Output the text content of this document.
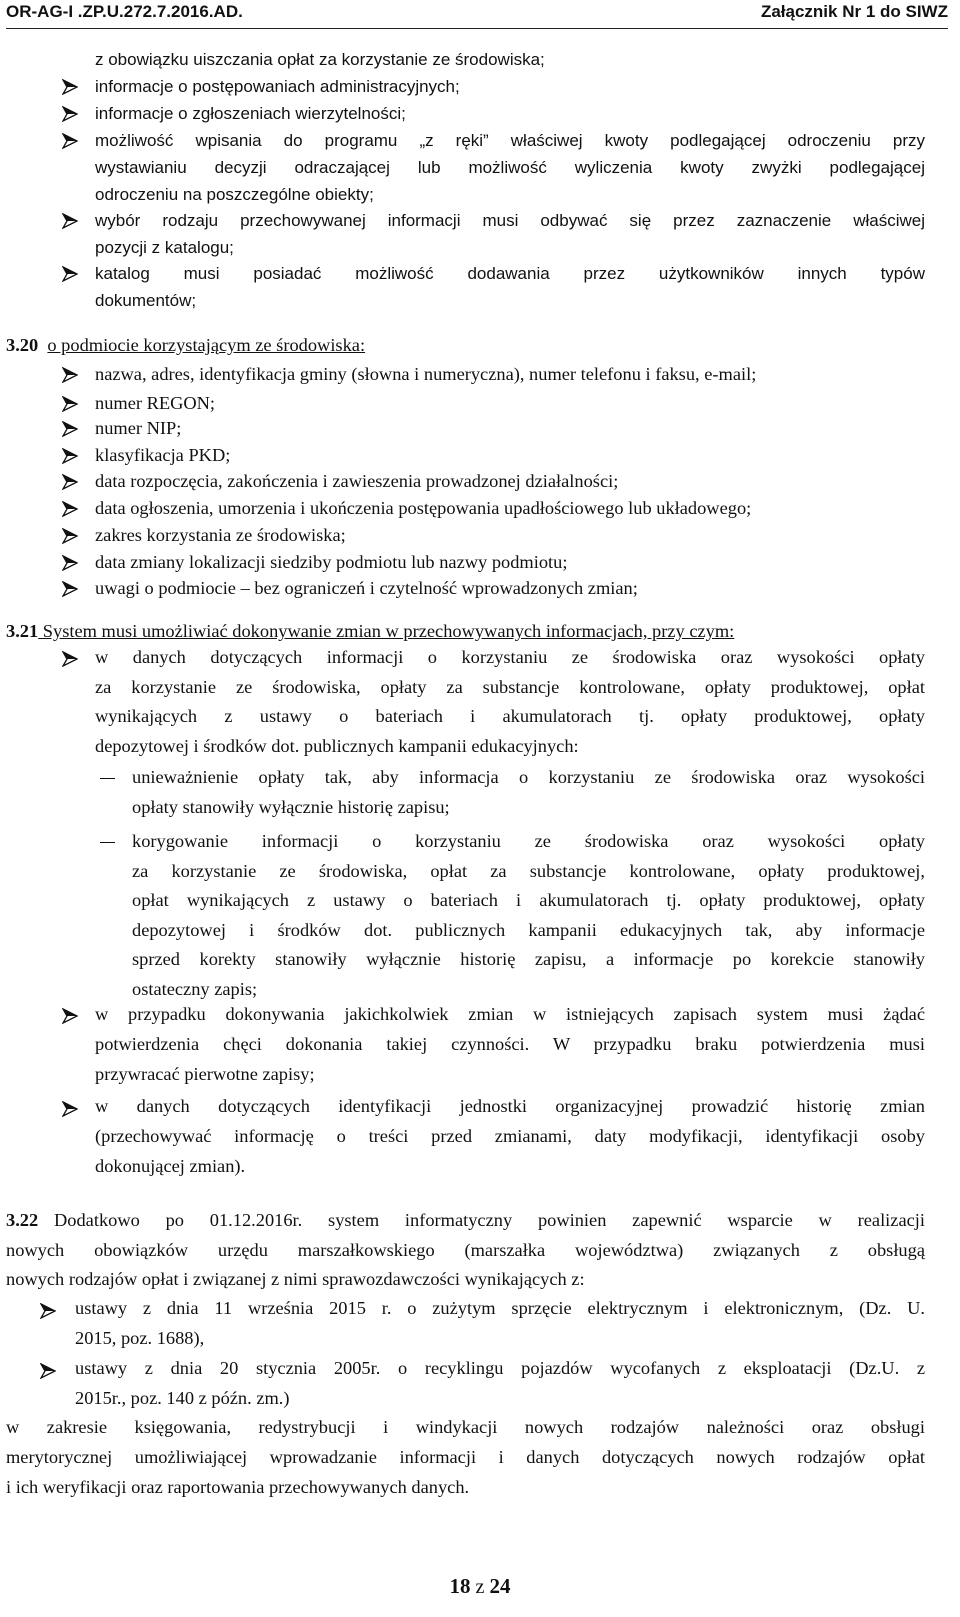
OR-AG-I .ZP.U.272.7.2016.AD.	Załącznik Nr 1 do SIWZ
z obowiązku uiszczania opłat za korzystanie ze środowiska;
informacje o postępowaniach administracyjnych;
informacje o zgłoszeniach wierzytelności;
możliwość wpisania do programu „z ręki” właściwej kwoty podlegającej odroczeniu przy
wystawianiu decyzji odraczającej lub możliwość wyliczenia kwoty zwyżki podlegającej
odroczeniu na poszczególne obiekty;
wybór rodzaju przechowywanej informacji musi odbywać się przez zaznaczenie właściwej
pozycji z katalogu;
katalog musi posiadać możliwość dodawania przez użytkowników innych typów
dokumentów;
3.20 o podmiocie korzystającym ze środowiska:
nazwa, adres, identyfikacja gminy (słowna i numeryczna), numer telefonu i faksu, e-mail;
numer REGON;
numer NIP;
klasyfikacja PKD;
data rozpoczęcia, zakończenia i zawieszenia prowadzonej działalności;
data ogłoszenia, umorzenia i ukończenia postępowania upadłościowego lub układowego;
zakres korzystania ze środowiska;
data zmiany lokalizacji siedziby podmiotu lub nazwy podmiotu;
uwagi o podmiocie – bez ograniczeń i czytelność wprowadzonych zmian;
3.21 System musi umożliwiać dokonywanie zmian w przechowywanych informacjach, przy czym:
w danych dotyczących informacji o korzystaniu ze środowiska oraz wysokości opłaty
za korzystanie ze środowiska, opłaty za substancje kontrolowane, opłaty produktowej, opłat
wynikających z ustawy o bateriach i akumulatorach tj. opłaty produktowej, opłaty
depozytowej i środków dot. publicznych kampanii edukacyjnych:
unieważnienie opłaty tak, aby informacja o korzystaniu ze środowiska oraz wysokości
opłaty stanowiły wyłącznie historię zapisu;
korygowanie informacji o korzystaniu ze środowiska oraz wysokości opłaty
za korzystanie ze środowiska, opłat za substancje kontrolowane, opłaty produktowej,
opłat wynikających z ustawy o bateriach i akumulatorach tj. opłaty produktowej, opłaty
depozytowej i środków dot. publicznych kampanii edukacyjnych tak, aby informacje
sprzed korekty stanowiły wyłącznie historię zapisu, a informacje po korekcie stanowiły
ostateczny zapis;
w przypadku dokonywania jakichkolwiek zmian w istniejących zapisach system musi żądać
potwierdzenia chęci dokonania takiej czynności. W przypadku braku potwierdzenia musi
przywracać pierwotne zapisy;
w danych dotyczących identyfikacji jednostki organizacyjnej prowadzić historię zmian
(przechowywać informację o treści przed zmianami, daty modyfikacji, identyfikacji osoby
dokonującej zmian).
3.22 Dodatkowo po 01.12.2016r. system informatyczny powinien zapewnić wsparcie w realizacji
nowych obowiązków urzędu marszałkowskiego (marszałka województwa) związanych z obsługą
nowych rodzajów opłat i związanej z nimi sprawozdawczości wynikających z:
ustawy z dnia 11 września 2015 r. o zużytym sprzęcie elektrycznym i elektronicznym, (Dz. U.
2015, poz. 1688),
ustawy z dnia 20 stycznia 2005r. o recyklingu pojazdów wycofanych z eksploatacji (Dz.U. z
2015r., poz. 140 z późn. zm.)
w zakresie księgowania, redystrybucji i windykacji nowych rodzajów należności oraz obsługi
merytorycznej umożliwiającej wprowadzanie informacji i danych dotyczących nowych rodzajów opłat
i ich weryfikacji oraz raportowania przechowywanych danych.
18 z 24
